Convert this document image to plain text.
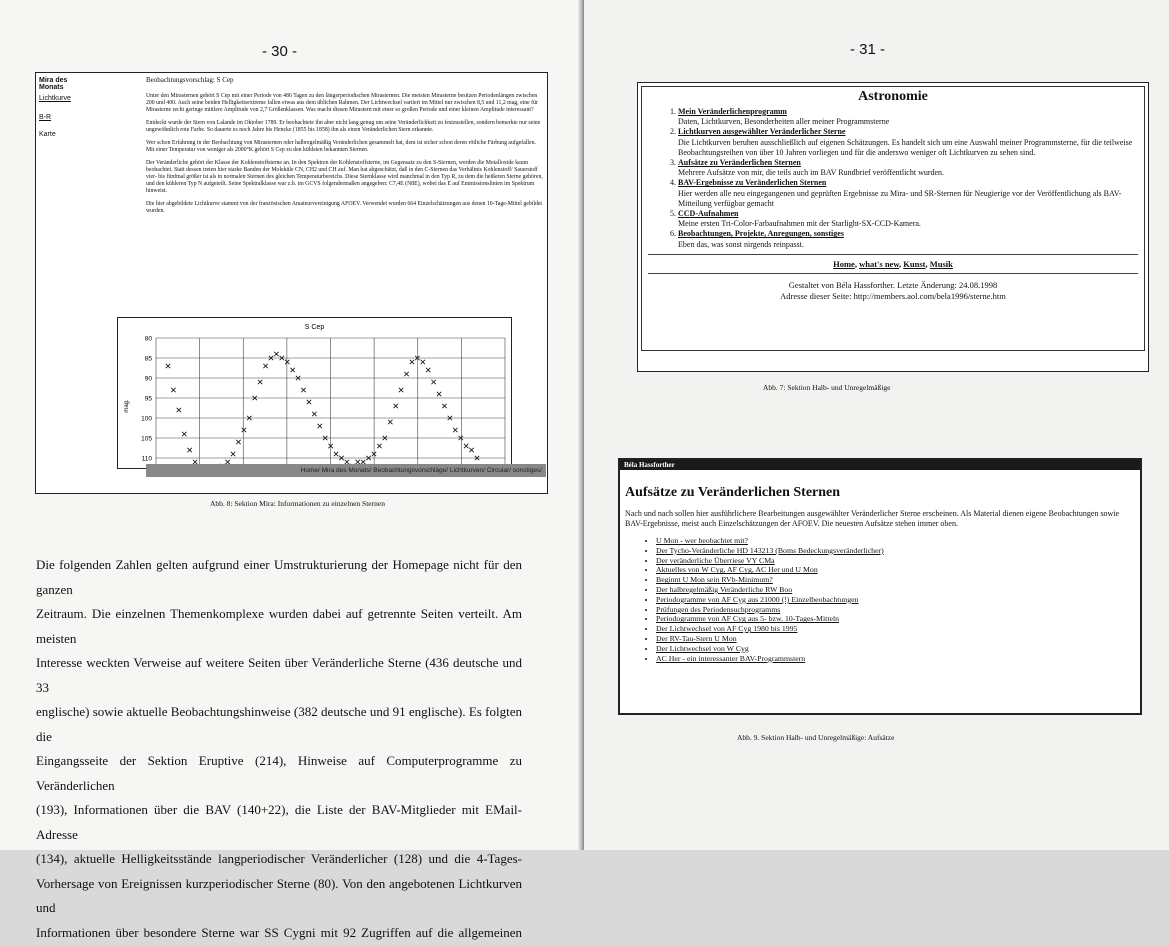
- 30 -
Mira des Monats
Lichtkurve
B-R
Karte

Beobachtungsvorschlag: S Cep

Unter den Mirasternen gehört S Cep mit einer Periode von 486 Tagen zu den längerperiodischen Mirasternen. Die meisten Mirasterne besitzen Periodenlängen zwischen 200 und 400. Auch seine beiden Helligkeitsextreme fallen etwas aus dem üblichen Rahmen. Der Lichtwechsel variiert im Mittel nur zwischen 8,5 und 11,2 mag, eine für Mirasterne recht geringe mittlere Amplitude von 2,7 Größenklassen. Was macht diesen Mirastern mit einer so großen Periode und einer kleinen Amplitude interessant?

Entdeckt wurde der Stern von Lalande im Oktober 1789. Er beobachtete ihn aber nicht lang genug um seine Veränderlichkeit zu festzustellen, sondern bemerkte nur seine ungewöhnlich rote Farbe. So dauerte es noch Jahre bis Hencke (1855 bis 1858) ihn als einen Veränderlichen Stern erkannte.

Wer schon Erfahrung in der Beobachtung von Mirasternen oder halbregelmäßig Veränderlichen gesammelt hat, dem ist sicher schon deren rötliche Färbung aufgefallen. Mit einer Temperatur von weniger als 2000°K gehört S Cep zu den kühlsten bekannten Sternen.

Der Veränderliche gehört der Klasse der Kohlenstoffsterne an. In den Spektren der Kohlenstoffsterne, im Gegensatz zu den S-Sternen, werden die Metalloxide kaum beobachtet. Statt dessen treten hier starke Banden der Moleküle CN, CH2 und CH auf. Man hat abgeschätzt, daß in den C-Sternen das Verhältnis Kohlenstoff/ Sauerstoff vier- bis fünfmal größer ist als in normalen Sternen des gleichen Temperaturbereichs. Diese Sternklasse wird manchmal in den Typ R, zu dem die heißeren Sterne gehören, und den kühleren Typ N aufgeteilt. Seine Spektralklasse war z.b. im GCVS folgendermaßen angegeben: C7,4E (N8E), wobei das E auf Emmissionslinien im Spektrum hinweist.

Die hier abgebildete Lichtkurve stammt von der französischen Amateurvereinigung AFOEV. Verwendet wurden 664 Einzelschätzungen aus denen 10-Tage-Mittel gebildet wurden.

S Cep
mag.
80
85
90
95
100
105
110
Home/ Mira des Monats/ Beobachtungsvorschläge/ Lichtkurven/ Circular/ sonstiges/
Abb. 8: Sektion Mira: Informationen zu einzelnen Sternen
Die folgenden Zahlen gelten aufgrund einer Umstrukturierung der Homepage nicht für den ganzen
Zeitraum. Die einzelnen Themenkomplexe wurden dabei auf getrennte Seiten verteilt. Am meisten
Interesse weckten Verweise auf weitere Seiten über Veränderliche Sterne (436 deutsche und 33
englische) sowie aktuelle Beobachtungshinweise (382 deutsche und 91 englische). Es folgten die
Eingangsseite der Sektion Eruptive (214), Hinweise auf Computerprogramme zu Veränderlichen
(193), Informationen über die BAV (140+22), die Liste der BAV-Mitglieder mit EMail-Adresse
(134), aktuelle Helligkeitsstände langperiodischer Veränderlicher (128) und die 4-Tages-
Vorhersage von Ereignissen kurzperiodischer Sterne (80). Von den angebotenen Lichtkurven und
Informationen über besondere Sterne war SS Cygni mit 92 Zugriffen auf die allgemeinen
- 31 -
Astronomie
1. Mein Veränderlichenprogramm
Daten, Lichtkurven, Besonderheiten aller meiner Programmsterne
2. Lichtkurven ausgewählter Veränderlicher Sterne
Die Lichtkurven beruhen ausschließlich auf eigenen Schätzungen. Es handelt sich um eine Auswahl meiner Programmsterne, für die teilweise Beobachtungsreihen von über 10 Jahren vorliegen und für die anderswo weniger oft Lichtkurven zu sehen sind.
3. Aufsätze zu Veränderlichen Sternen
Mehrere Aufsätze von mir, die teils auch im BAV Rundbrief veröffentlicht wurden.
4. BAV-Ergebnisse zu Veränderlichen Sternen
Hier werden alle neu eingegangenen und geprüften Ergebnisse zu Mira- und SR-Sternen für Neugierige vor der Veröffentlichung als BAV-Mitteilung verfügbar gemacht
5. CCD-Aufnahmen
Meine ersten Tri-Color-Farbaufnahmen mit der Starlight-SX-CCD-Kamera.
6. Beobachtungen, Projekte, Anregungen, sonstiges
Eben das, was sonst nirgends reinpasst.
Home, what's new, Kunst, Musik
Gestaltet von Béla Hassforther. Letzte Änderung: 24.08.1998
Adresse dieser Seite: http://members.aol.com/bela1996/sterne.htm
Abb. 7: Sektion Halb- und Unregelmäßige
Béla Hassforther
Aufsätze zu Veränderlichen Sternen
Nach und nach sollen hier ausführlichere Bearbeitungen ausgewählter Veränderlicher Sterne erscheinen. Als Material dienen eigene Beobachtungen sowie BAV-Ergebnisse, meist auch Einzelschätzungen der AFOEV. Die neuesten Aufsätze stehen immer oben.
• U Mon - wer beobachtet mit?
• Der Tycho-Veränderliche HD 143213 (Boms Bedeckungsveränderlicher)
• Der veränderliche Überriese VY CMa
• Aktuelles von W Cyg, AF Cyg, AC Her und U Mon
• Beginnt U Mon sein RVb-Minimum?
• Der halbregelmäßig Veränderliche RW Boo
• Periodogramme von AF Cyg aus 21000 (!) Einzelbeobachtungen
• Prüfungen des Periodensuchprogramms
• Periodogramme von AF Cyg aus 5- bzw. 10-Tages-Mitteln
• Der Lichtwechsel von AF Cyg 1980 bis 1995
• Der RV-Tau-Stern U Mon
• Der Lichtwechsel von W Cyg
• AC Her - ein interessanter BAV-Programmstern
Abb. 9. Sektion Halb- und Unregelmäßige: Aufsätze
